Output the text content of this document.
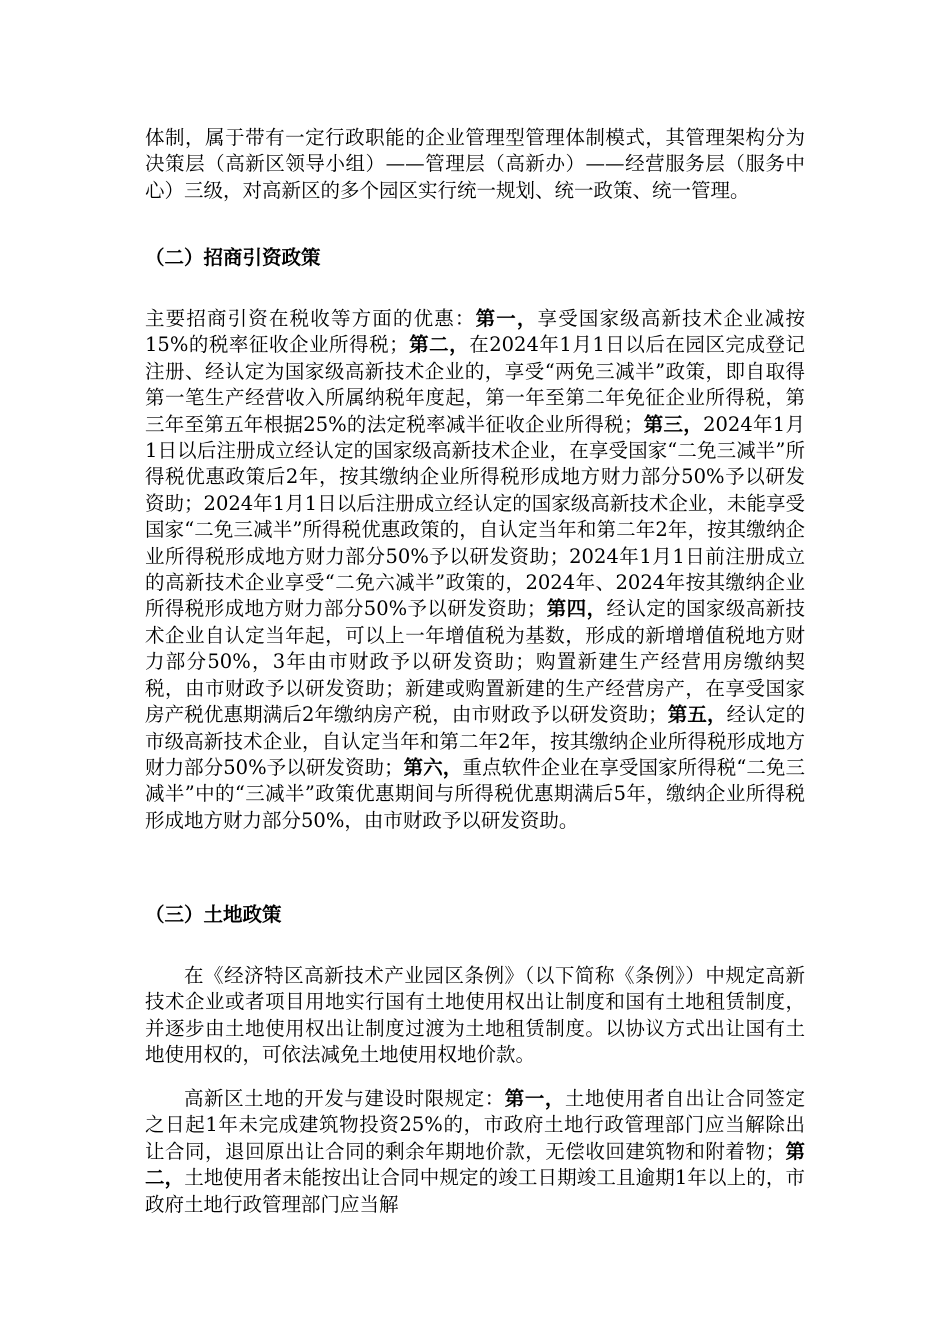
体制，属于带有一定行政职能的企业管理型管理体制模式，其管理架构分为决策层（高新区领导小组）——管理层（高新办）——经营服务层（服务中心）三级，对高新区的多个园区实行统一规划、统一政策、统一管理。

（二）招商引资政策

主要招商引资在税收等方面的优惠：第一，享受国家级高新技术企业减按15%的税率征收企业所得税；第二，在2024年1月1日以后在园区完成登记注册、经认定为国家级高新技术企业的，享受“两免三减半”政策，即自取得第一笔生产经营收入所属纳税年度起，第一年至第二年免征企业所得税，第三年至第五年根据25%的法定税率减半征收企业所得税；第三，2024年1月1日以后注册成立经认定的国家级高新技术企业，在享受国家“二免三减半”所得税优惠政策后2年，按其缴纳企业所得税形成地方财力部分50%予以研发资助；2024年1月1日以后注册成立经认定的国家级高新技术企业，未能享受国家“二免三减半”所得税优惠政策的，自认定当年和第二年2年，按其缴纳企业所得税形成地方财力部分50%予以研发资助；2024年1月1日前注册成立的高新技术企业享受“二免六减半”政策的，2024年、2024年按其缴纳企业所得税形成地方财力部分50%予以研发资助；第四，经认定的国家级高新技术企业自认定当年起，可以上一年增值税为基数，形成的新增增值税地方财力部分50%，3年由市财政予以研发资助；购置新建生产经营用房缴纳契税，由市财政予以研发资助；新建或购置新建的生产经营房产，在享受国家房产税优惠期满后2年缴纳房产税，由市财政予以研发资助；第五，经认定的市级高新技术企业，自认定当年和第二年2年，按其缴纳企业所得税形成地方财力部分50%予以研发资助；第六，重点软件企业在享受国家所得税“二免三减半”中的“三减半”政策优惠期间与所得税优惠期满后5年，缴纳企业所得税形成地方财力部分50%，由市财政予以研发资助。

（三）土地政策

在《经济特区高新技术产业园区条例》（以下简称《条例》）中规定高新技术企业或者项目用地实行国有土地使用权出让制度和国有土地租赁制度，并逐步由土地使用权出让制度过渡为土地租赁制度。以协议方式出让国有土地使用权的，可依法减免土地使用权地价款。

高新区土地的开发与建设时限规定：第一，土地使用者自出让合同签定之日起1年未完成建筑物投资25%的，市政府土地行政管理部门应当解除出让合同，退回原出让合同的剩余年期地价款，无偿收回建筑物和附着物；第二，土地使用者未能按出让合同中规定的竣工日期竣工且逾期1年以上的，市政府土地行政管理部门应当解
